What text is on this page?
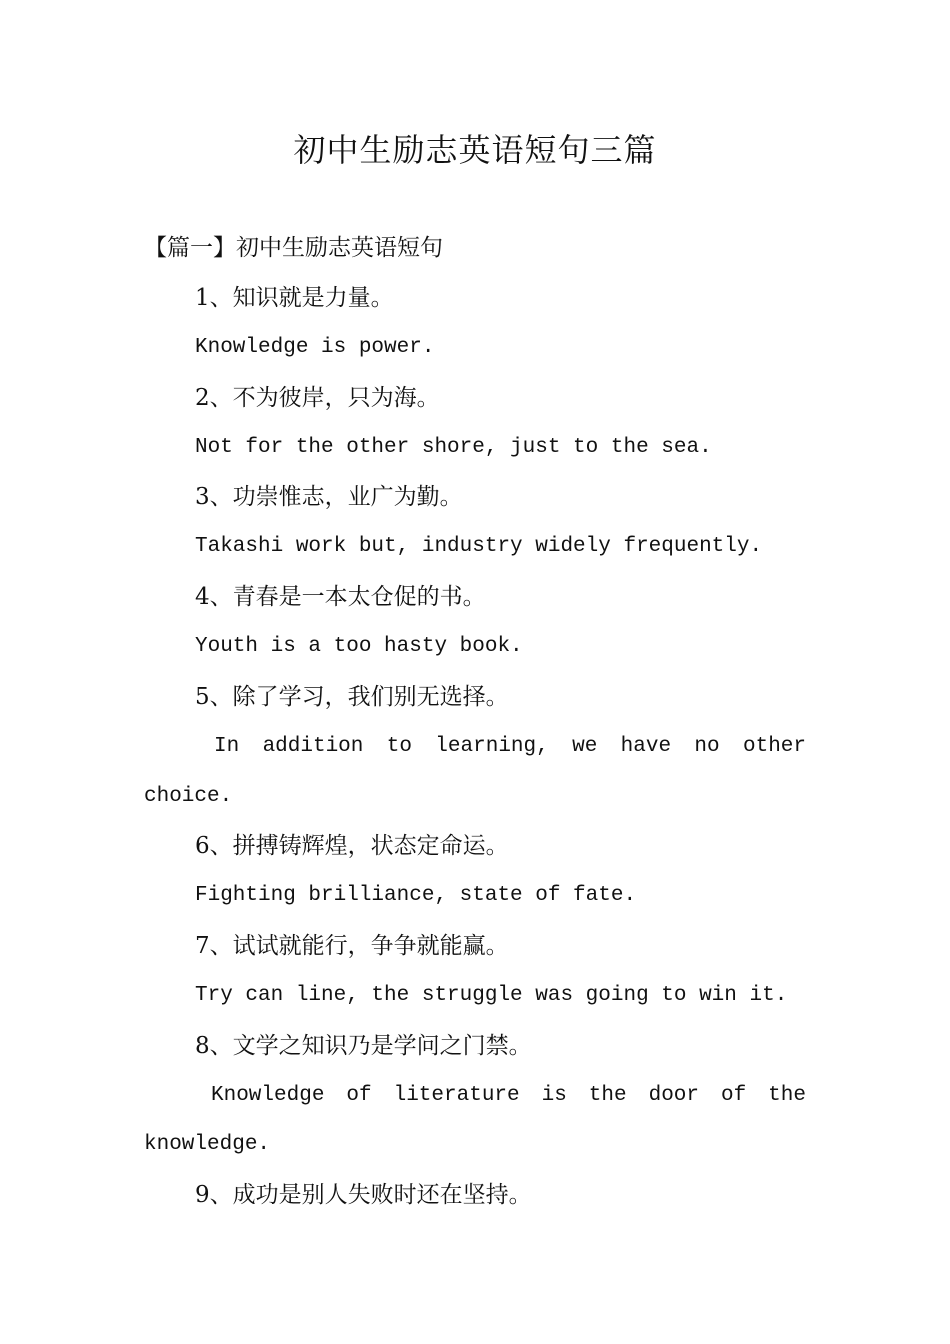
初中生励志英语短句三篇
【篇一】初中生励志英语短句
1、知识就是力量。
Knowledge is power.
2、不为彼岸，只为海。
Not for the other shore, just to the sea.
3、功崇惟志，业广为勤。
Takashi work but, industry widely frequently.
4、青春是一本太仓促的书。
Youth is a too hasty book.
5、除了学习，我们别无选择。
In addition to learning, we have no other
choice.
6、拼搏铸辉煌，状态定命运。
Fighting brilliance, state of fate.
7、试试就能行，争争就能赢。
Try can line, the struggle was going to win it.
8、文学之知识乃是学问之门禁。
Knowledge of literature is the door of the
knowledge.
9、成功是别人失败时还在坚持。
